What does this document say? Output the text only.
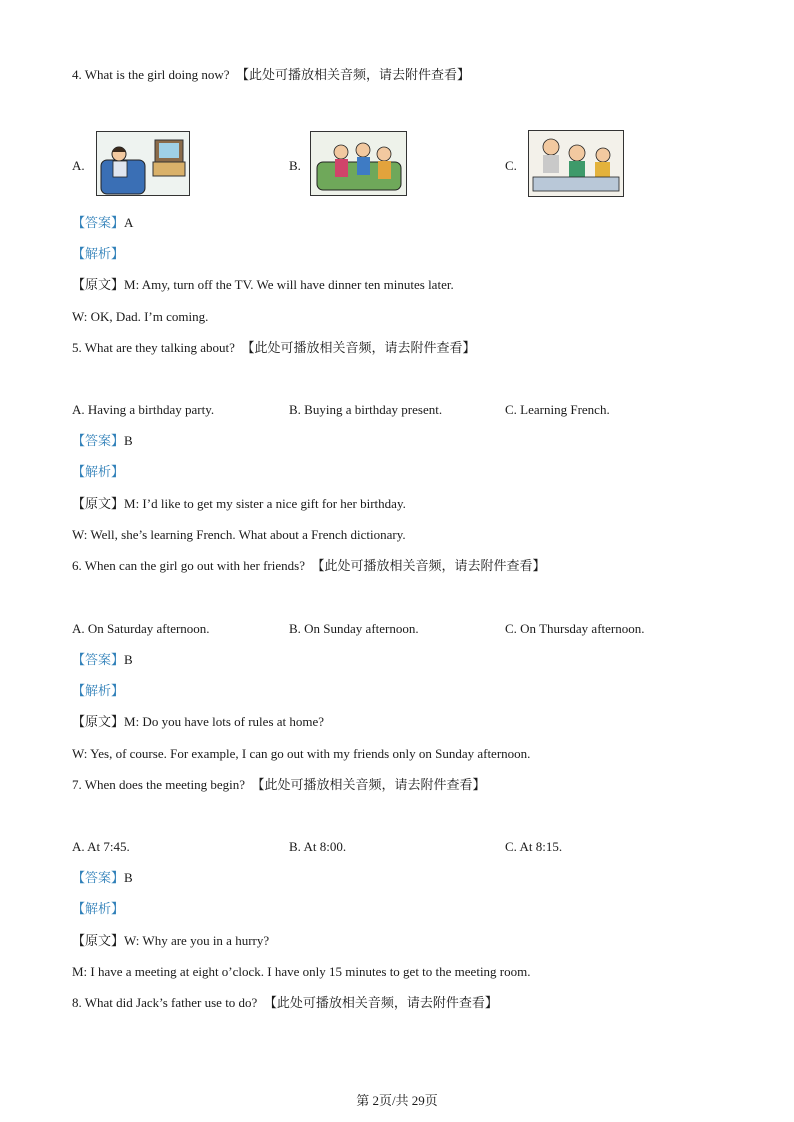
4. What is the girl doing now? 【此处可播放相关音频，请去附件查看】
A.	B.	C.
【答案】A
【解析】
【原文】M: Amy, turn off the TV. We will have dinner ten minutes later.
W: OK, Dad. I’m coming.
5. What are they talking about? 【此处可播放相关音频，请去附件查看】
A. Having a birthday party.	B. Buying a birthday present.	C. Learning French.
【答案】B
【解析】
【原文】M: I’d like to get my sister a nice gift for her birthday.
W: Well, she’s learning French. What about a French dictionary.
6. When can the girl go out with her friends? 【此处可播放相关音频，请去附件查看】
A. On Saturday afternoon.	B. On Sunday afternoon.	C. On Thursday afternoon.
【答案】B
【解析】
【原文】M: Do you have lots of rules at home?
W: Yes, of course. For example, I can go out with my friends only on Sunday afternoon.
7. When does the meeting begin? 【此处可播放相关音频，请去附件查看】
A. At 7:45.	B. At 8:00.	C. At 8:15.
【答案】B
【解析】
【原文】W: Why are you in a hurry?
M: I have a meeting at eight o’clock. I have only 15 minutes to get to the meeting room.
8. What did Jack’s father use to do? 【此处可播放相关音频，请去附件查看】
第 2页/共 29页
